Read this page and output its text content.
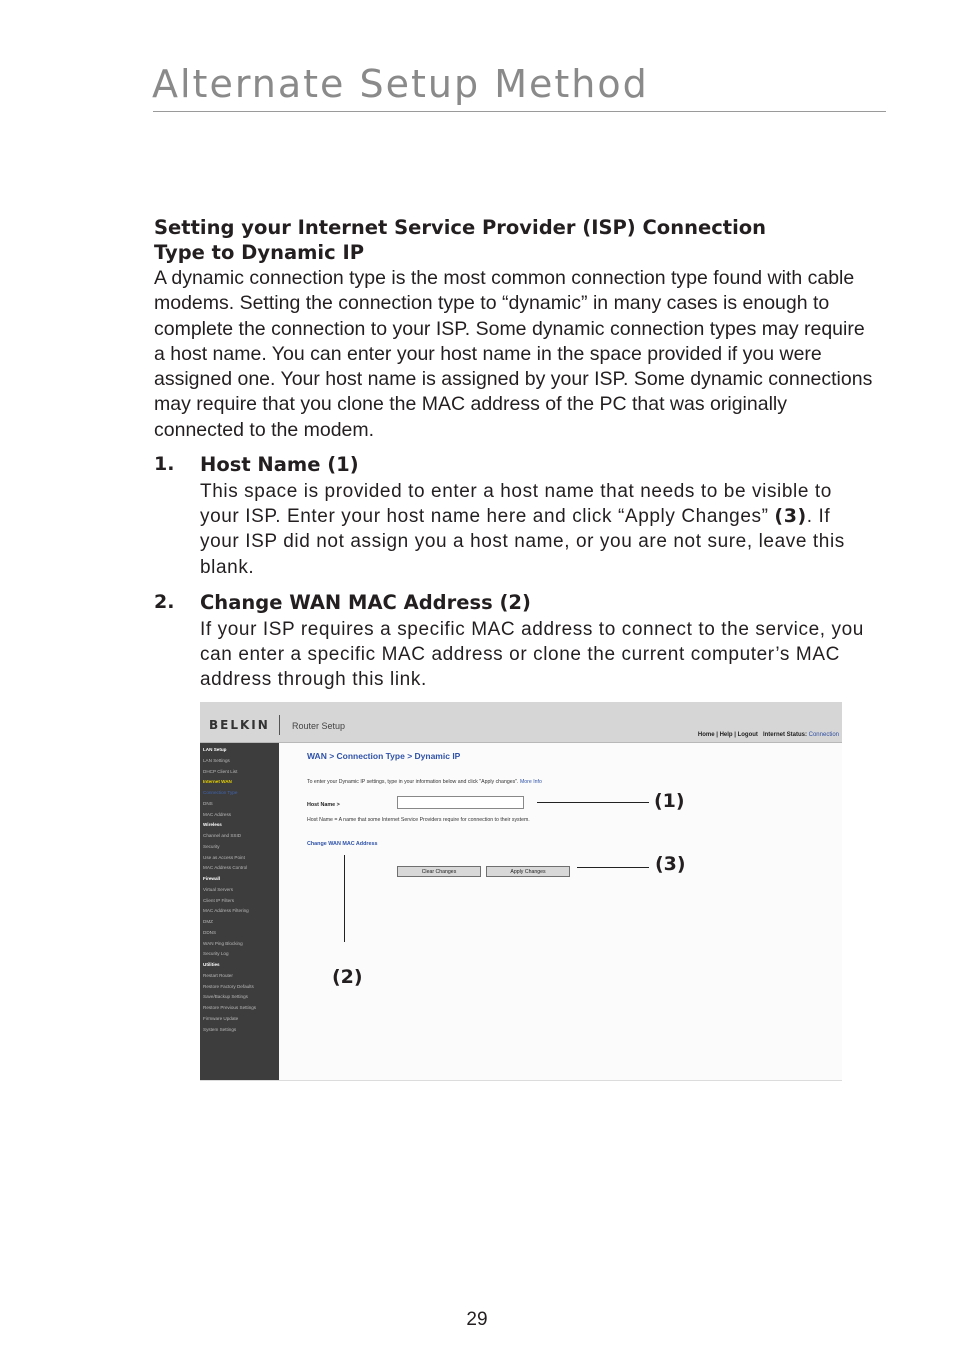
Alternate Setup Method
Setting your Internet Service Provider (ISP) Connection
Type to Dynamic IP

A dynamic connection type is the most common connection type found with cable modems. Setting the connection type to “dynamic” in many cases is enough to complete the connection to your ISP. Some dynamic connection types may require a host name. You can enter your host name in the space provided if you were assigned one. Your host name is assigned by your ISP. Some dynamic connections may require that you clone the MAC address of the PC that was originally connected to the modem.

1. Host Name (1)

This space is provided to enter a host name that needs to be visible to your ISP. Enter your host name here and click “Apply Changes” (3). If your ISP did not assign you a host name, or you are not sure, leave this blank.

2. Change WAN MAC Address (2)

If your ISP requires a specific MAC address to connect to the service, you can enter a specific MAC address or clone the current computer’s MAC address through this link.

BELKIN Router Setup
Home | Help | Logout Internet Status: Connection
LAN Setup
LAN Settings
DHCP Client List
Internet WAN
Connection Type
DNS
MAC Address
Wireless
Channel and SSID
Security
Use as Access Point
MAC Address Control
Firewall
Virtual Servers
Client IP Filters
MAC Address Filtering
DMZ
DDNS
WAN Ping Blocking
Security Log
Utilities
Restart Router
Restore Factory Defaults
Save/Backup Settings
Restore Previous Settings
Firmware Update
System Settings
WAN > Connection Type > Dynamic IP
To enter your Dynamic IP settings, type in your information below and click "Apply changes". More Info
Host Name >
Host Name = A name that some Internet Service Providers require for connection to their system.
Change WAN MAC Address
Clear Changes	Apply Changes
(1)
(3)
(2)
29
